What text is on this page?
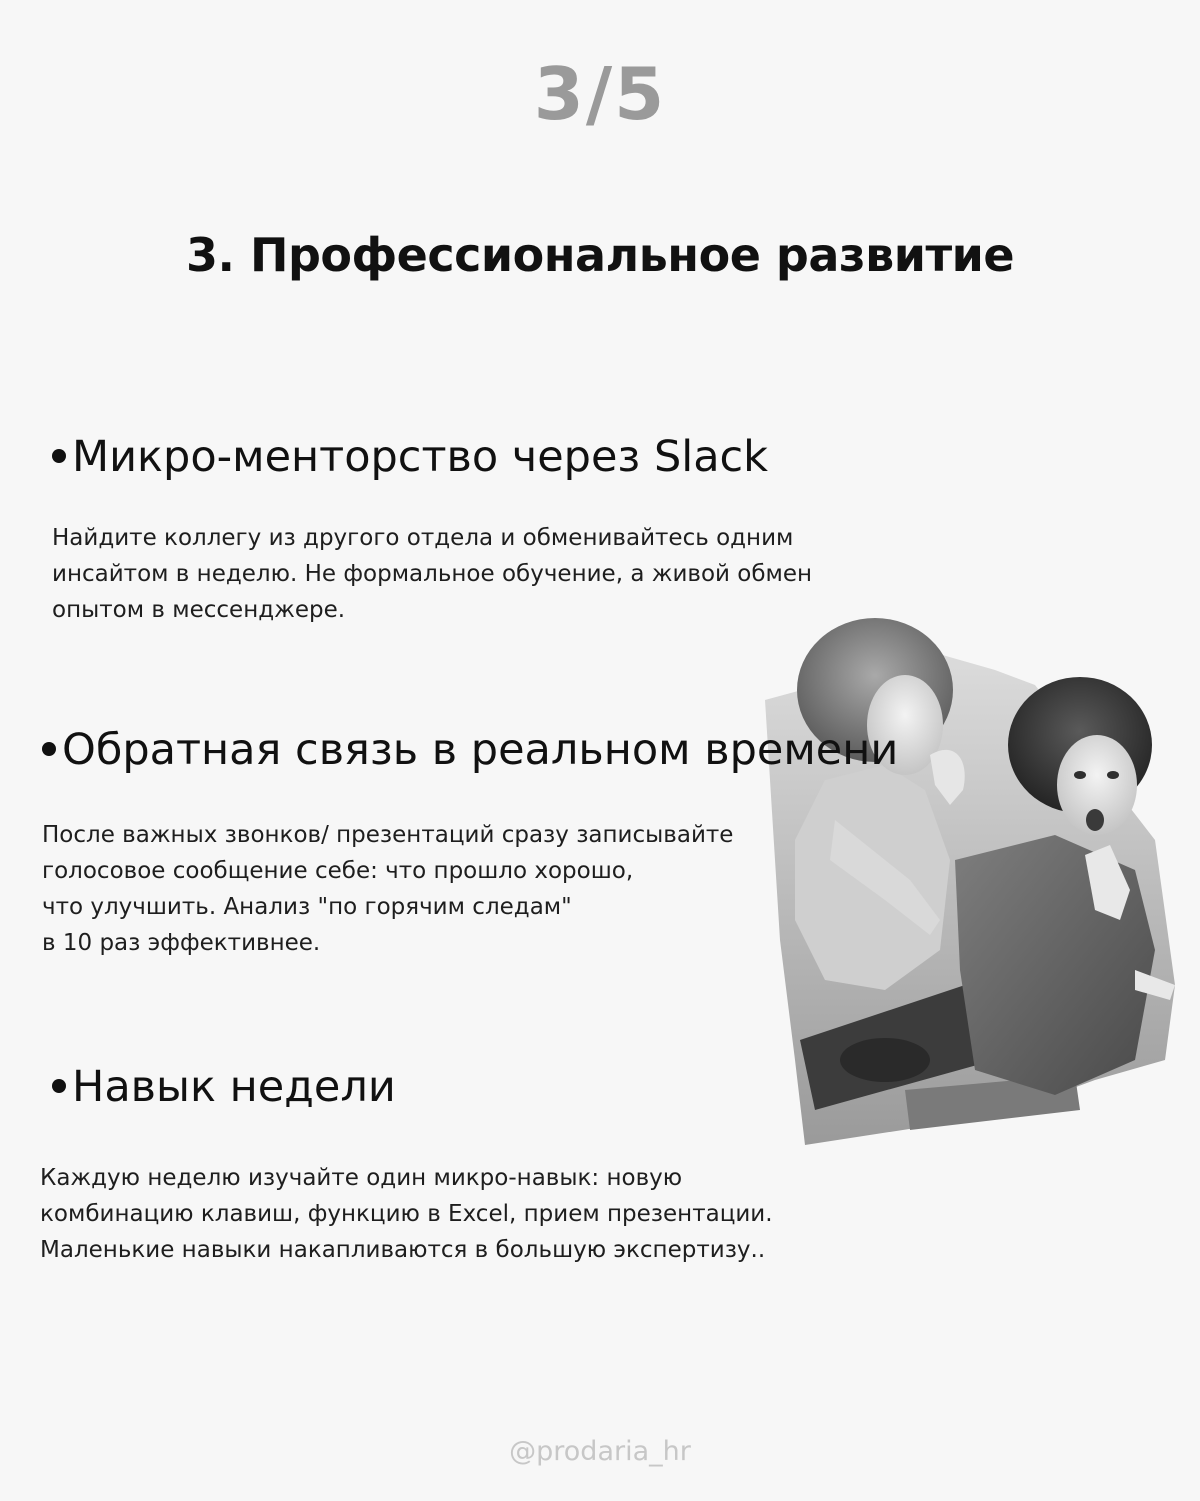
3/5
3. Профессиональное развитие
Микро-менторство через Slack

Найдите коллегу из другого отдела и обменивайтесь одним
инсайтом в неделю. Не формальное обучение, а живой обмен
опытом в мессенджере.

Обратная связь в реальном времени

После важных звонков/ презентаций сразу записывайте
голосовое сообщение себе: что прошло хорошо,
что улучшить. Анализ "по горячим следам"
в 10 раз эффективнее.

Навык недели

Каждую неделю изучайте один микро-навык: новую
комбинацию клавиш, функцию в Excel, прием презентации.
Маленькие навыки накапливаются в большую экспертизу..

@prodaria_hr
